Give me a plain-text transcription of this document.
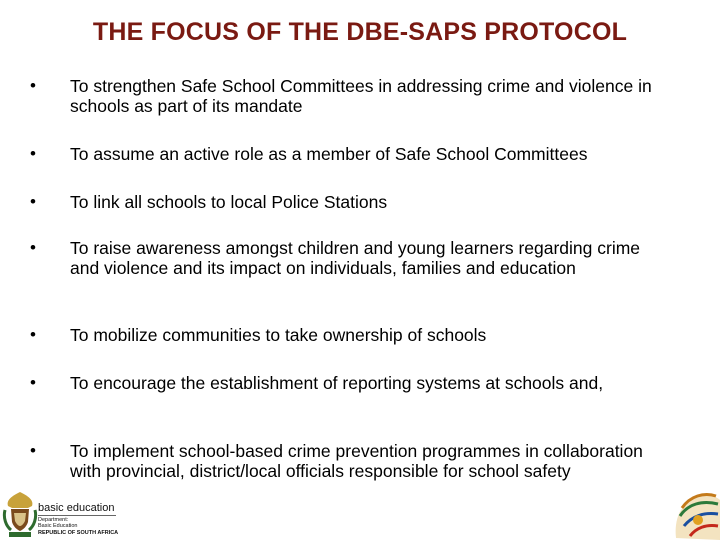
THE FOCUS OF THE DBE-SAPS PROTOCOL
•	To strengthen Safe School Committees in addressing crime and violence in schools as part of its mandate
•	To assume an active role as a member of Safe School Committees
•	To link all schools to local Police Stations
•	To raise awareness amongst children and young learners regarding crime and violence and its impact on individuals, families and education
•	To mobilize communities to take ownership of schools
•	To encourage the establishment of reporting systems at schools and,
•	To implement school-based crime prevention programmes in collaboration with provincial, district/local officials responsible for school safety
basic education
Department:
Basic Education
REPUBLIC OF SOUTH AFRICA
